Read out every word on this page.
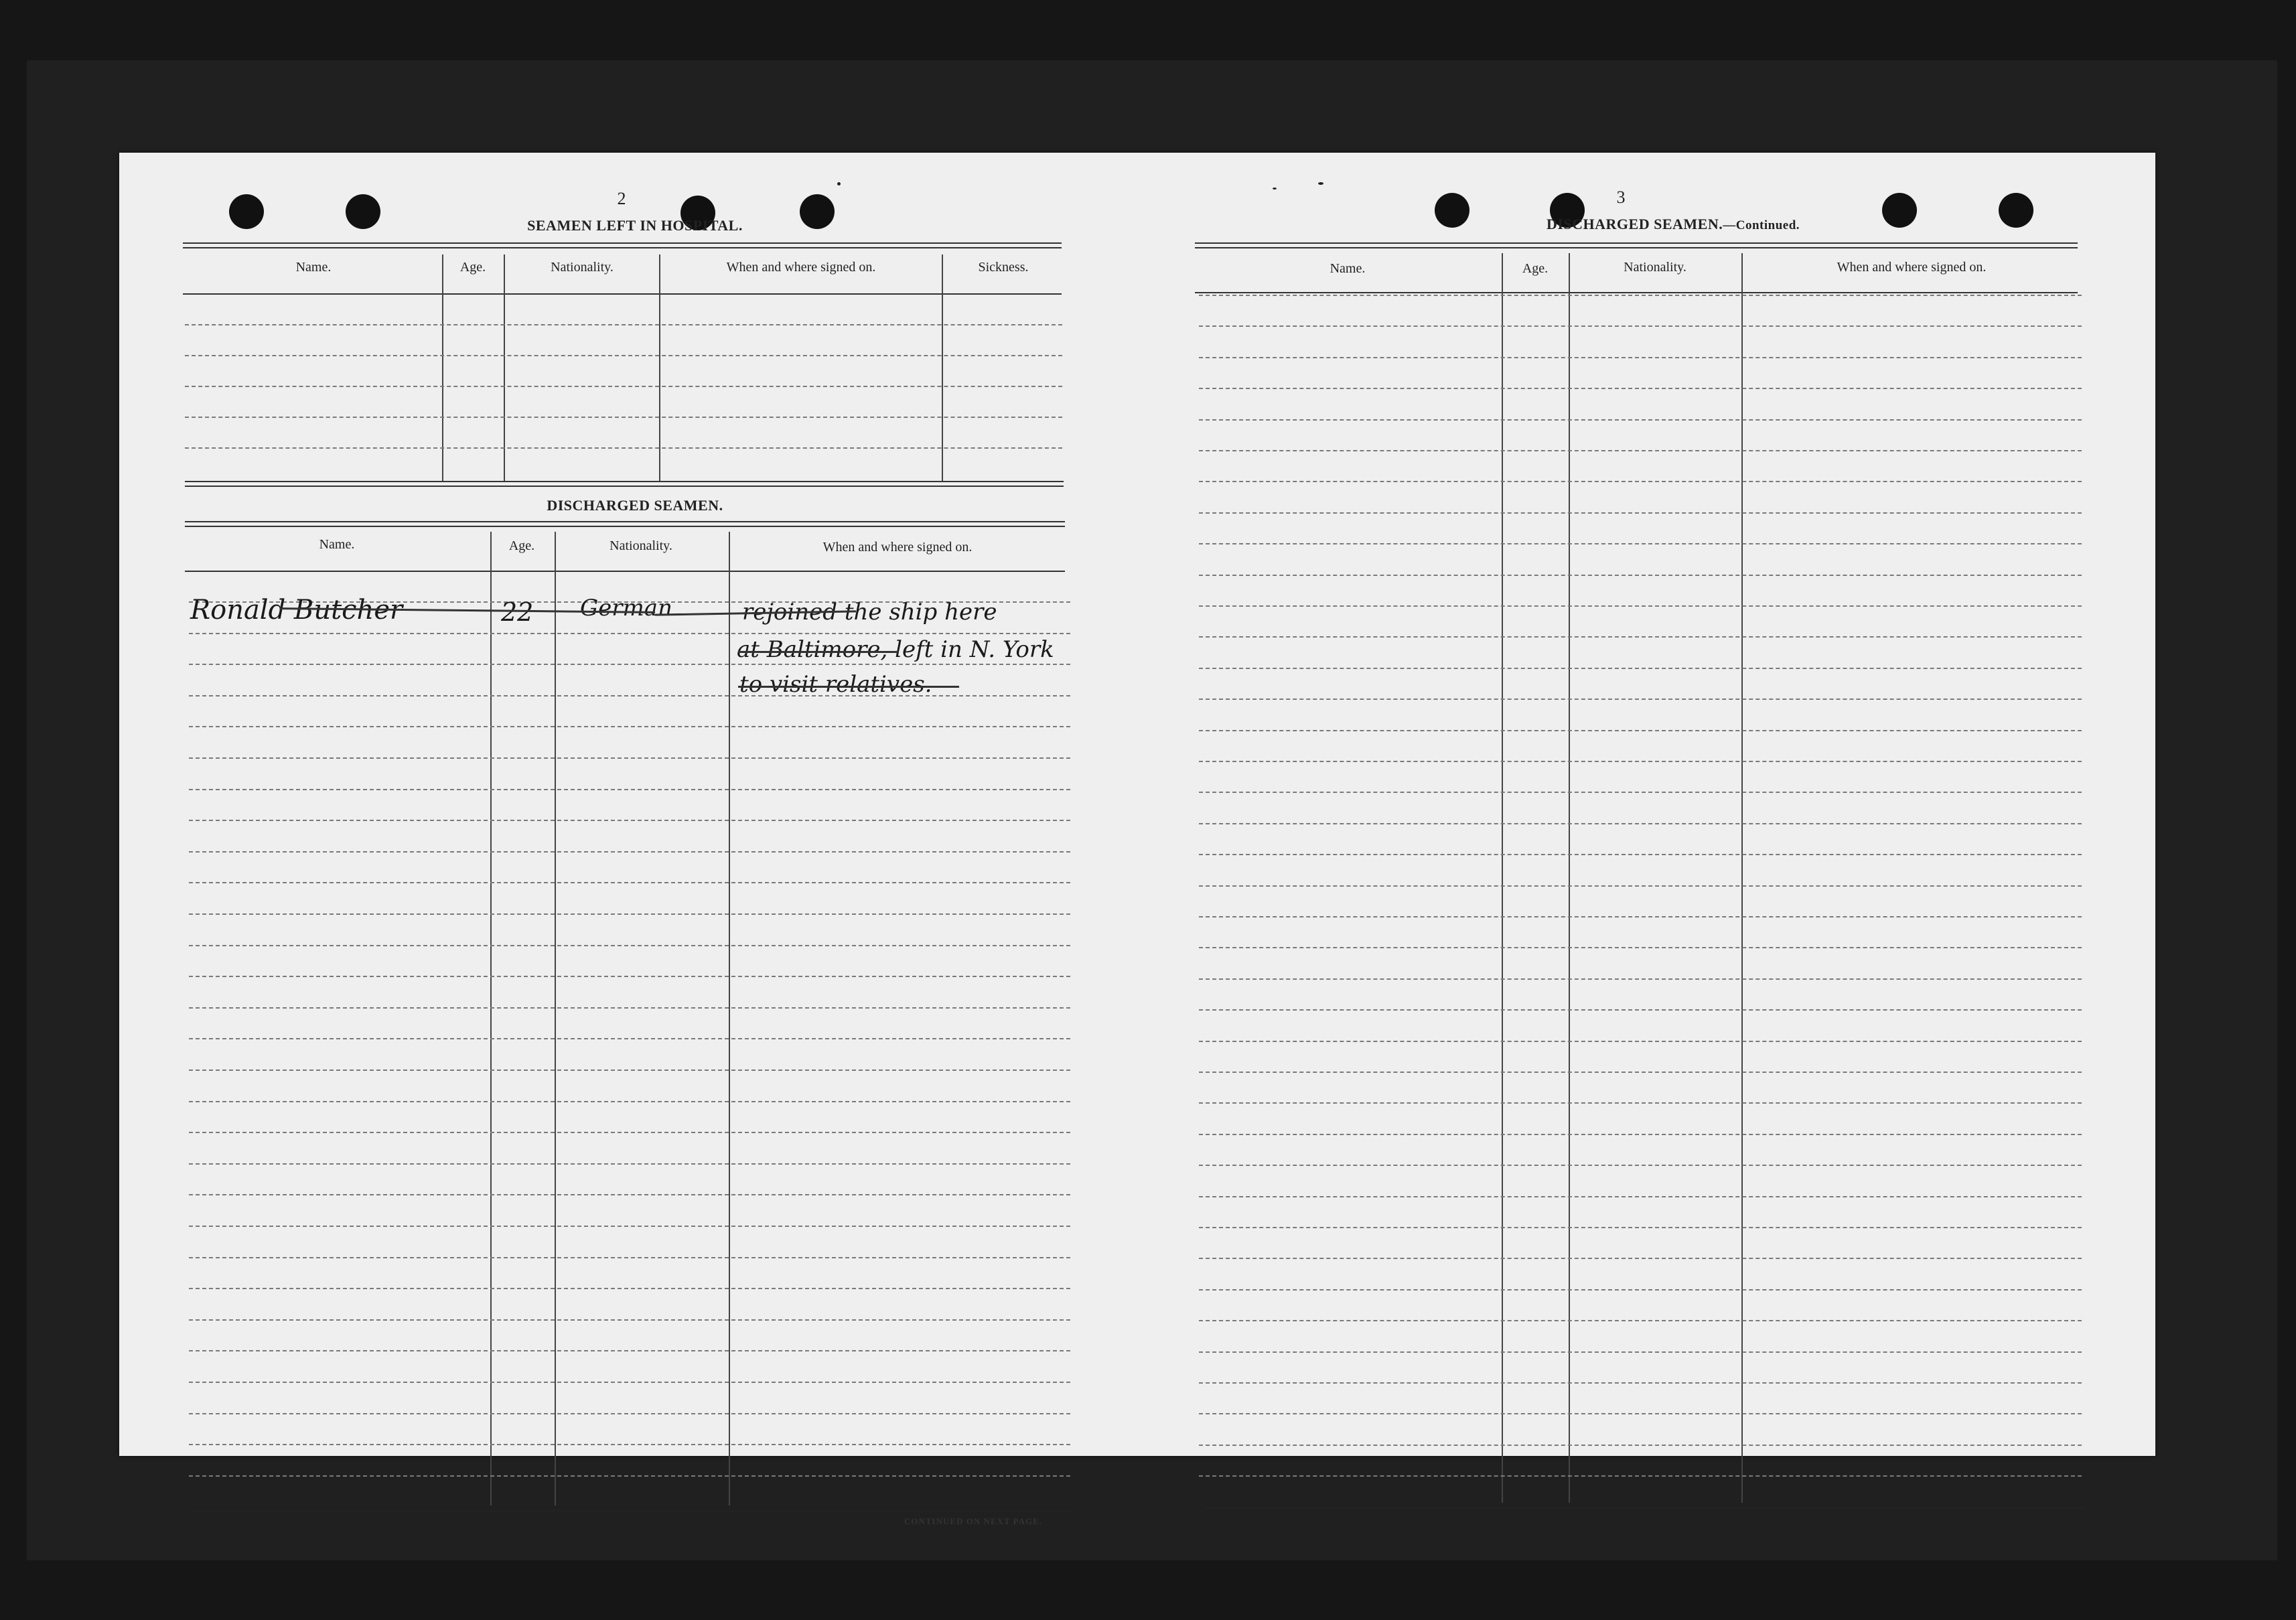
2
SEAMEN LEFT IN HOSPITAL.
Name.	Age.	Nationality.	When and where signed on.	Sickness.
DISCHARGED SEAMEN.
Name.	Age.	Nationality.	When and where signed on.
Ronald Butcher	22 German	rejoined the ship here
at Baltimore, left in N. York
to visit relatives.
CONTINUED ON NEXT PAGE.
3
DISCHARGED SEAMEN.—Continued.
Name.	Age.	Nationality.	When and where signed on.
